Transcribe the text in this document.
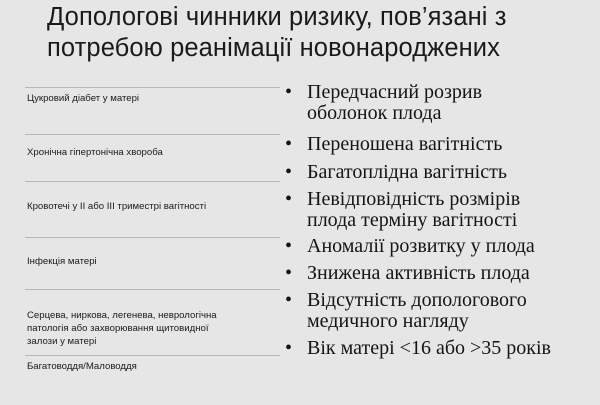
Допологові чинники ризику, пов’язані з
потребою реанімації новонароджених
Цукровий діабет у матері
Хронічна гіпертонічна хвороба
Кровотечі у ІІ або ІІІ триместрі вагітності
Інфекція матері
Серцева, ниркова, легенева, неврологічна
патологія або захворювання щитовидної
залози у матері
Багатоводдя/Маловоддя
• Передчасний розрив
оболонок плода
• Переношена вагітність
• Багатоплідна вагітність
• Невідповідність розмірів
плода терміну вагітності
• Аномалії розвитку у плода
• Знижена активність плода
• Відсутність допологового
медичного нагляду
• Вік матері <16 або >35 років
